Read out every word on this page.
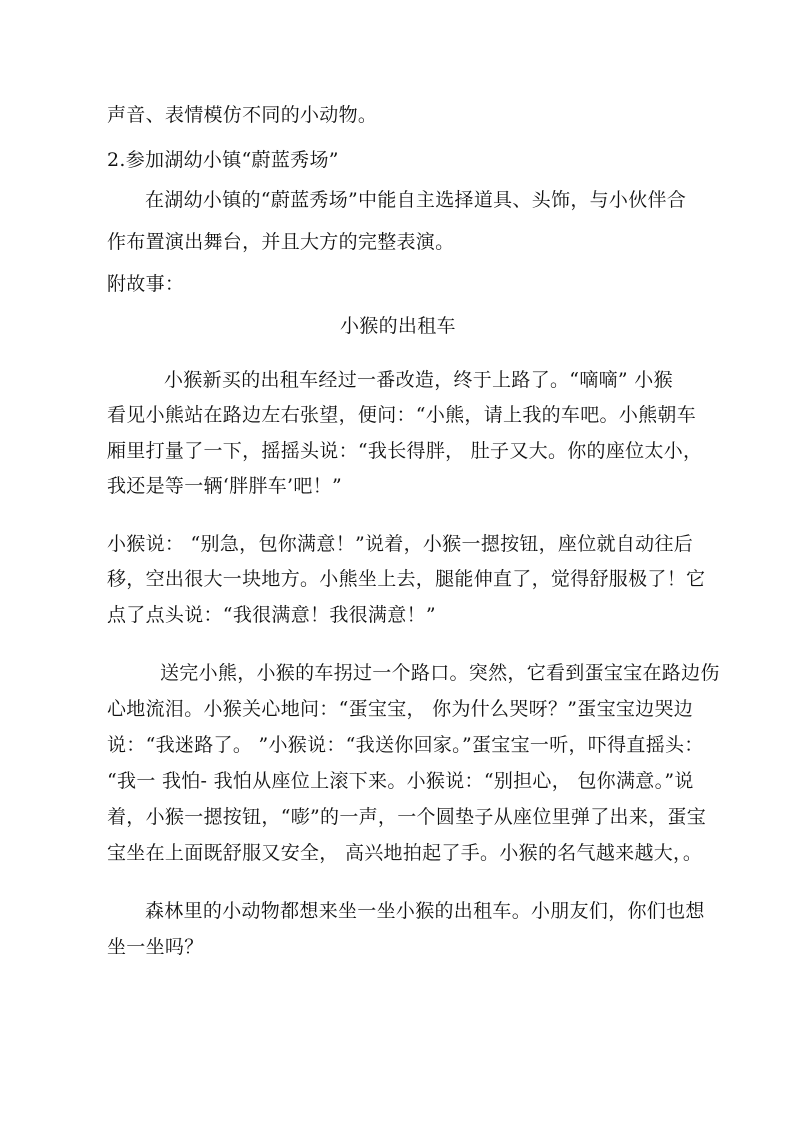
声音、表情模仿不同的小动物。
2.参加湖幼小镇“蔚蓝秀场”
在湖幼小镇的“蔚蓝秀场”中能自主选择道具、头饰，与小伙伴合
作布置演出舞台，并且大方的完整表演。
附故事：
小猴的出租车
小猴新买的出租车经过一番改造，终于上路了。“嘀嘀” 小猴
看见小熊站在路边左右张望，便问：“小熊，请上我的车吧。小熊朝车
厢里打量了一下，摇摇头说：“我长得胖， 肚子又大。你的座位太小，
我还是等一辆‘胖胖车’吧！”
小猴说： “别急，包你满意！”说着，小猴一摁按钮，座位就自动往后
移，空出很大一块地方。小熊坐上去，腿能伸直了，觉得舒服极了！它
点了点头说：“我很满意！我很满意！”
送完小熊，小猴的车拐过一个路口。突然，它看到蛋宝宝在路边伤
心地流泪。小猴关心地问：“蛋宝宝， 你为什么哭呀？”蛋宝宝边哭边
说：“我迷路了。 ”小猴说：“我送你回家。”蛋宝宝一听，吓得直摇头：
“我一 我怕- 我怕从座位上滚下来。小猴说：“别担心， 包你满意。”说
着，小猴一摁按钮，“嘭”的一声，一个圆垫子从座位里弹了出来，蛋宝
宝坐在上面既舒服又安全， 高兴地拍起了手。小猴的名气越来越大，。
森林里的小动物都想来坐一坐小猴的出租车。小朋友们，你们也想
坐一坐吗？
